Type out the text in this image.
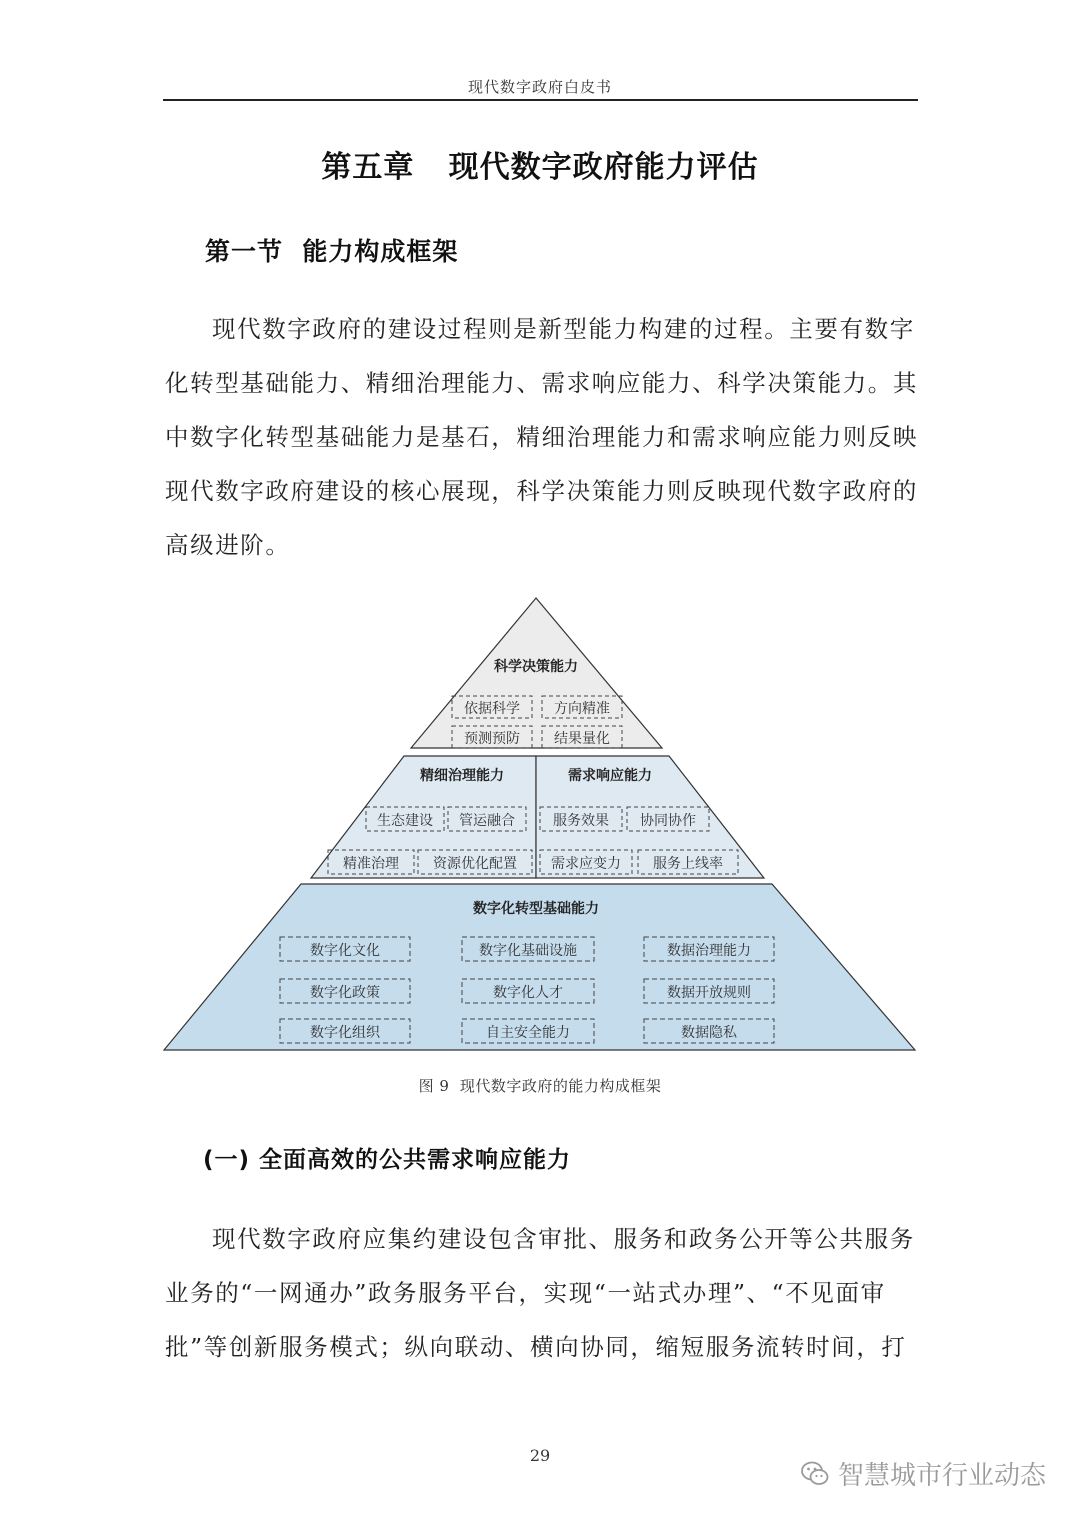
现代数字政府白皮书
第五章   现代数字政府能力评估
第一节  能力构成框架

现代数字政府的建设过程则是新型能力构建的过程。主要有数字
化转型基础能力、精细治理能力、需求响应能力、科学决策能力。其
中数字化转型基础能力是基石，精细治理能力和需求响应能力则反映
现代数字政府建设的核心展现，科学决策能力则反映现代数字政府的
高级进阶。

科学决策能力
依据科学 方向精准
预测预防 结果量化
精细治理能力	需求响应能力
生态建设 管运融合
精准治理 资源优化配置
服务效果 协同协作
需求应变力 服务上线率
数字化转型基础能力
数字化文化	数字化基础设施	数据治理能力
数字化政策	数字化人才	数据开放规则
数字化组织	自主安全能力	数据隐私
图 9  现代数字政府的能力构成框架
(一) 全面高效的公共需求响应能力

现代数字政府应集约建设包含审批、服务和政务公开等公共服务
业务的“一网通办”政务服务平台，实现“一站式办理”、“不见面审
批”等创新服务模式；纵向联动、横向协同，缩短服务流转时间，打

29
智慧城市行业动态
